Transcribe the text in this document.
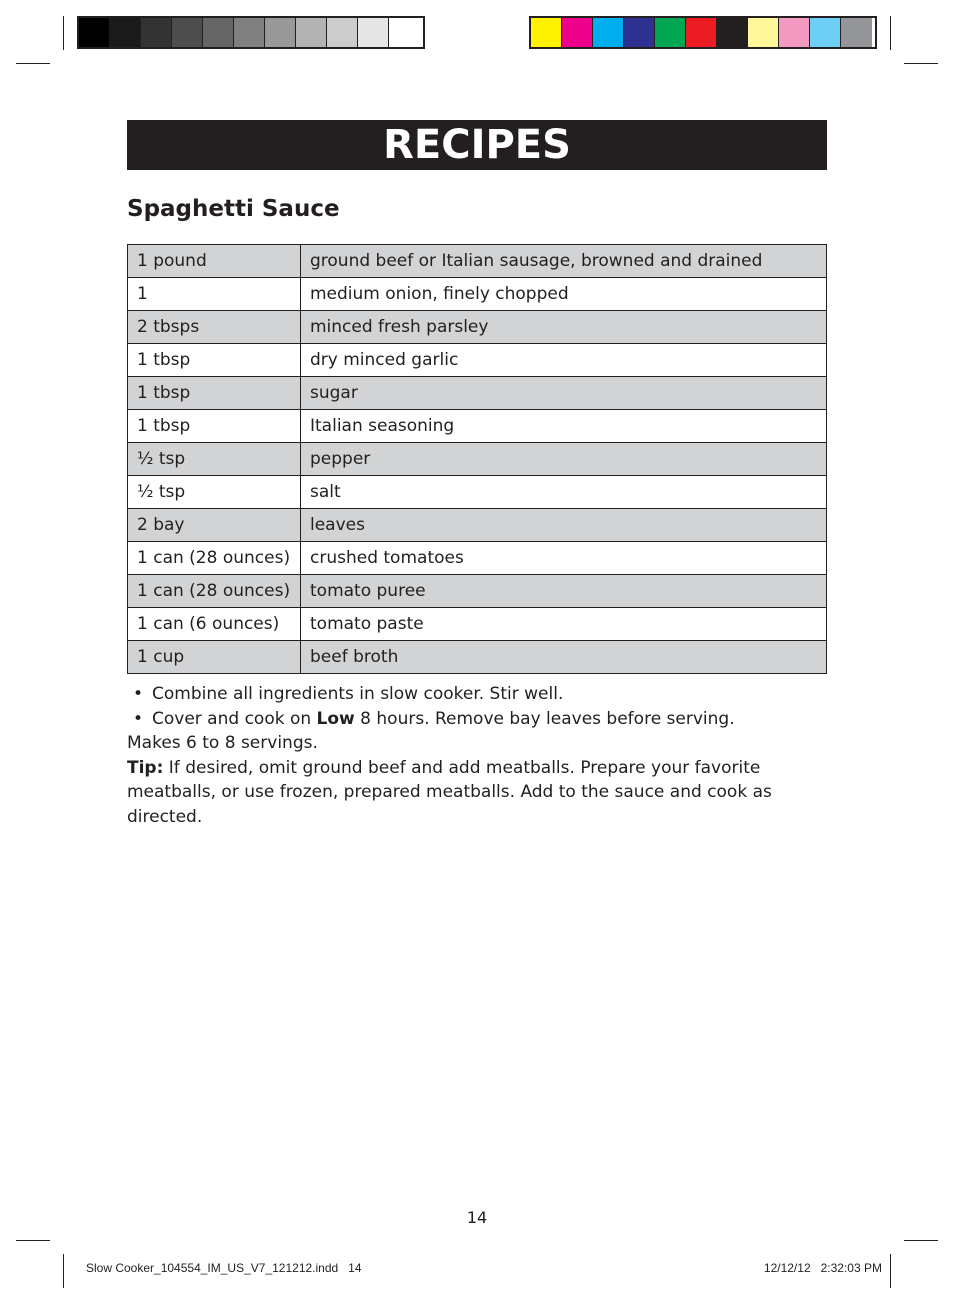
RECIPES
Spaghetti Sauce
1 pound	ground beef or Italian sausage, browned and drained
1	medium onion, finely chopped
2 tbsps	minced fresh parsley
1 tbsp	dry minced garlic
1 tbsp	sugar
1 tbsp	Italian seasoning
½ tsp	pepper
½ tsp	salt
2 bay	leaves
1 can (28 ounces)	crushed tomatoes
1 can (28 ounces)	tomato puree
1 can (6 ounces)	tomato paste
1 cup	beef broth
• Combine all ingredients in slow cooker. Stir well.
• Cover and cook on Low 8 hours. Remove bay leaves before serving.

Makes 6 to 8 servings.

Tip: If desired, omit ground beef and add meatballs. Prepare your favorite meatballs, or use frozen, prepared meatballs. Add to the sauce and cook as directed.

14
Slow Cooker_104554_IM_US_V7_121212.indd   14	12/12/12   2:32:03 PM
